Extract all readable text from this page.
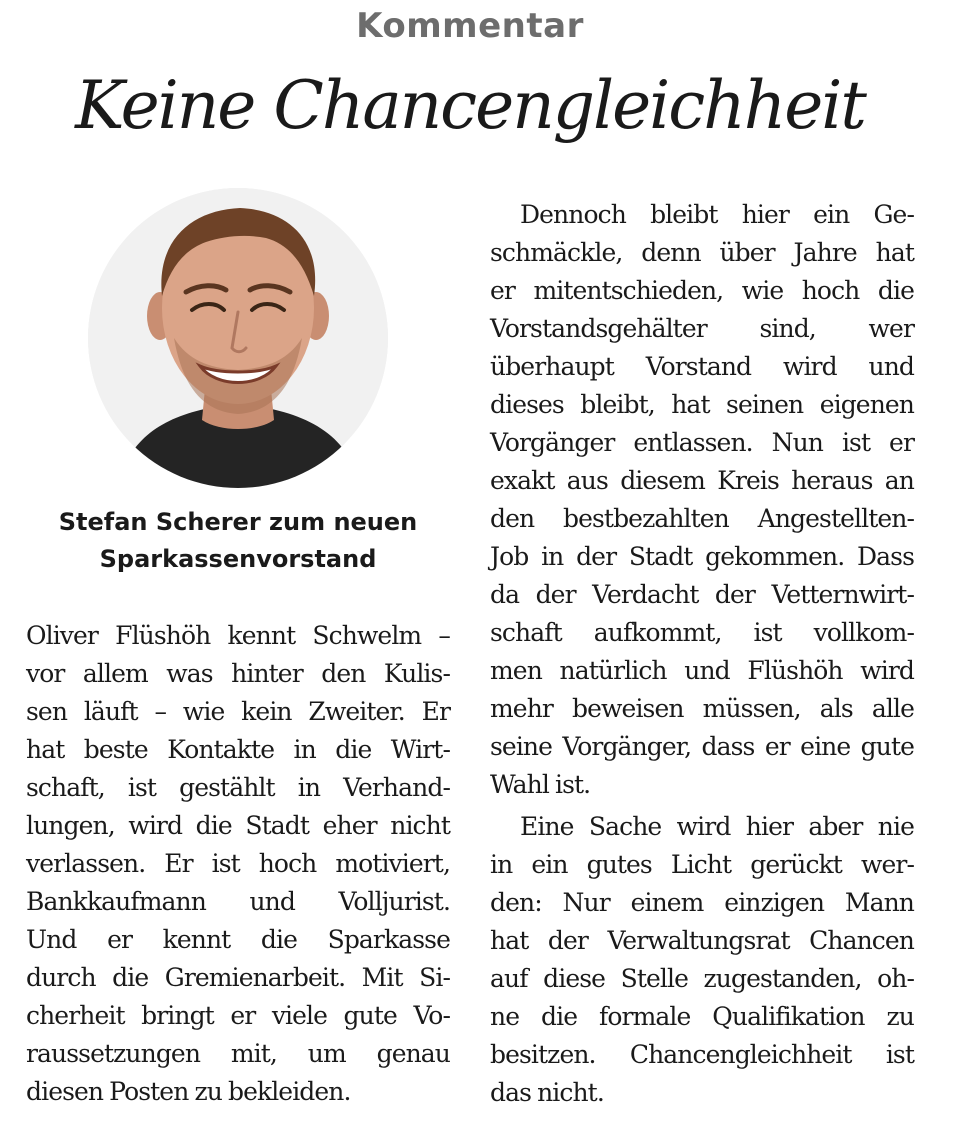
Kommentar
Keine Chancengleichheit
Stefan Scherer zum neuen
Sparkassenvorstand
Oliver Flüshöh kennt Schwelm –
vor allem was hinter den Kulis-
sen läuft – wie kein Zweiter. Er
hat beste Kontakte in die Wirt-
schaft, ist gestählt in Verhand-
lungen, wird die Stadt eher nicht
verlassen. Er ist hoch motiviert,
Bankkaufmann und Volljurist.
Und er kennt die Sparkasse
durch die Gremienarbeit. Mit Si-
cherheit bringt er viele gute Vo-
raussetzungen mit, um genau
diesen Posten zu bekleiden.
Dennoch bleibt hier ein Ge-
schmäckle, denn über Jahre hat
er mitentschieden, wie hoch die
Vorstandsgehälter sind, wer
überhaupt Vorstand wird und
dieses bleibt, hat seinen eigenen
Vorgänger entlassen. Nun ist er
exakt aus diesem Kreis heraus an
den bestbezahlten Angestellten-
Job in der Stadt gekommen. Dass
da der Verdacht der Vetternwirt-
schaft aufkommt, ist vollkom-
men natürlich und Flüshöh wird
mehr beweisen müssen, als alle
seine Vorgänger, dass er eine gute
Wahl ist.
Eine Sache wird hier aber nie
in ein gutes Licht gerückt wer-
den: Nur einem einzigen Mann
hat der Verwaltungsrat Chancen
auf diese Stelle zugestanden, oh-
ne die formale Qualifikation zu
besitzen. Chancengleichheit ist
das nicht.
